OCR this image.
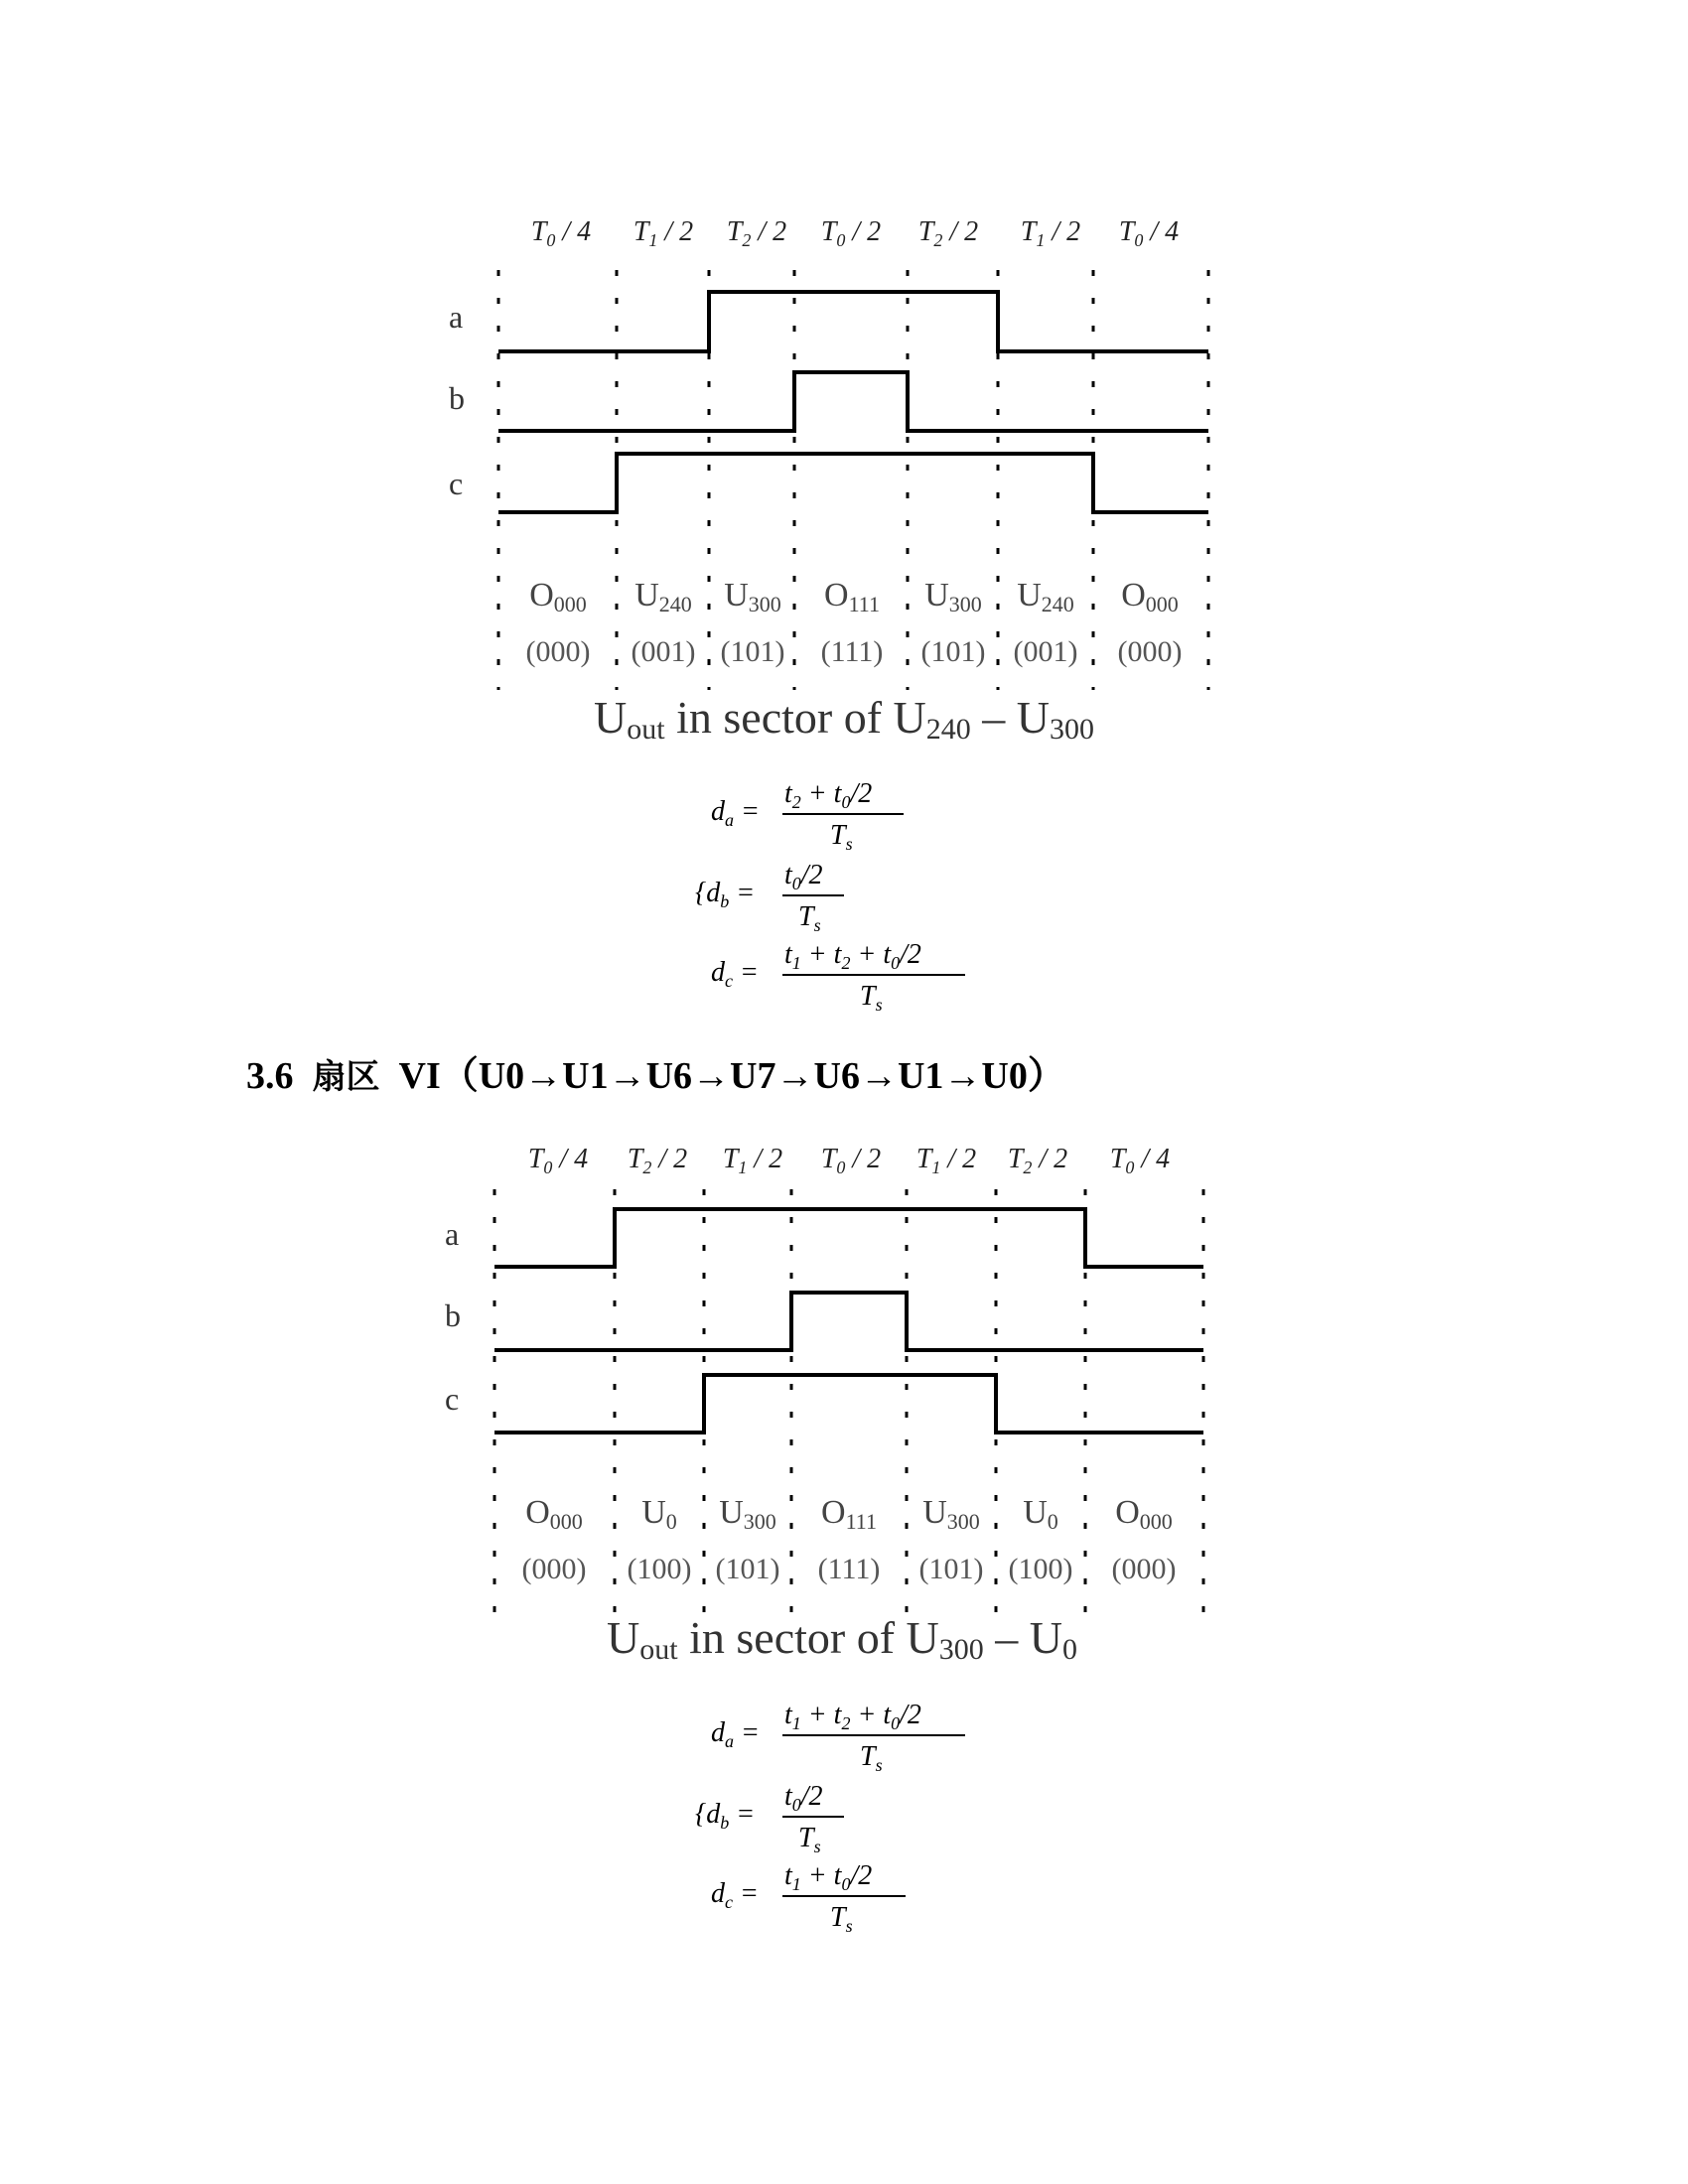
$T_0 / 4$ $T_1 / 2$ $T_2 / 2$ $T_0 / 2$ $T_2 / 2$ $T_1 / 2$ $T_0 / 4$
a
b
c
O000 U240 U300 O111 U300 U240 O000
(000) (001) (101) (111) (101) (001) (000)
Uout in sector of U240 – U300
$d_a$ =
$t_2 + t_0/2$
$T_s$
{$d_b$ =
$t_0/2$
$T_s$
$d_c$ =
$t_1 + t_2 + t_0/2$
$T_s$
3.6 扇区 VI（U0→U1→U6→U7→U6→U1→U0）
$T_0 / 4$ $T_2 / 2$ $T_1 / 2$ $T_0 / 2$ $T_1 / 2$ $T_2 / 2$ $T_0 / 4$
a
b
c
O000 U0 U300 O111 U300 U0 O000
(000) (100) (101) (111) (101) (100) (000)
Uout in sector of U300 – U0
$d_a$ =
$t_1 + t_2 + t_0/2$
$T_s$
{$d_b$ =
$t_0/2$
$T_s$
$d_c$ =
$t_1 + t_0/2$
$T_s$
